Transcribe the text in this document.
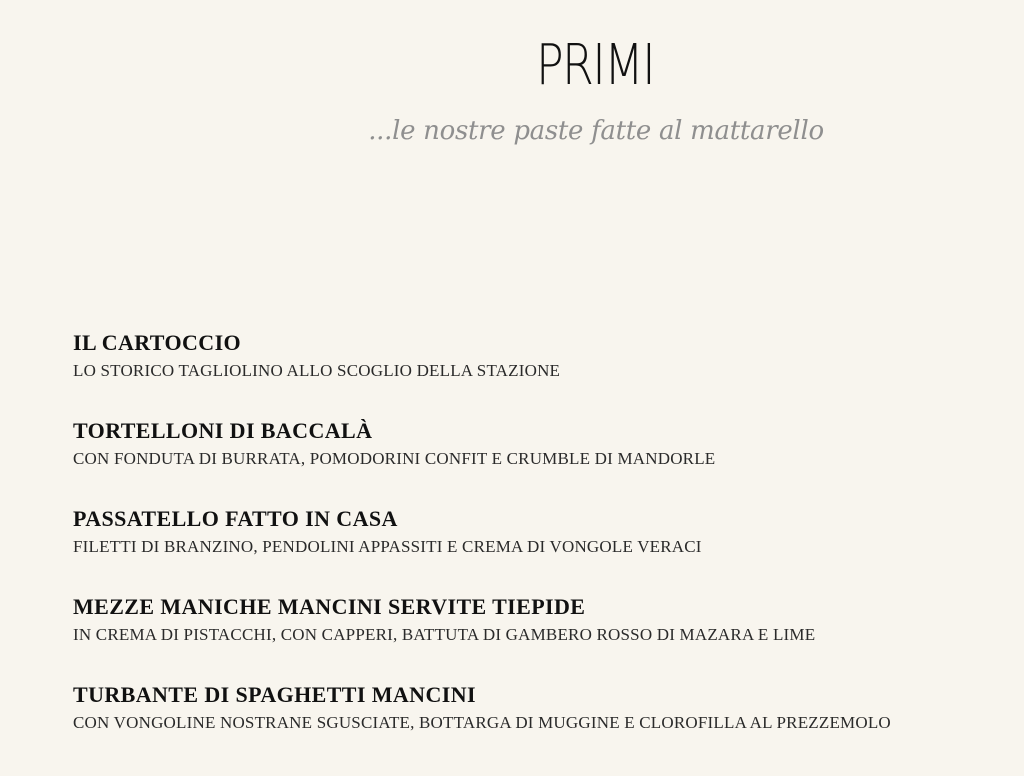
PRIMI
...le nostre paste fatte al mattarello
IL CARTOCCIO
LO STORICO TAGLIOLINO ALLO SCOGLIO DELLA STAZIONE
TORTELLONI DI BACCALÀ
CON FONDUTA DI BURRATA, POMODORINI CONFIT E CRUMBLE DI MANDORLE
PASSATELLO FATTO IN CASA
FILETTI DI BRANZINO, PENDOLINI APPASSITI E CREMA DI VONGOLE VERACI
MEZZE MANICHE MANCINI SERVITE TIEPIDE
IN CREMA DI PISTACCHI, CON CAPPERI, BATTUTA DI GAMBERO ROSSO DI MAZARA E LIME
TURBANTE DI SPAGHETTI MANCINI
CON VONGOLINE NOSTRANE SGUSCIATE, BOTTARGA DI MUGGINE E CLOROFILLA AL PREZZEMOLO
